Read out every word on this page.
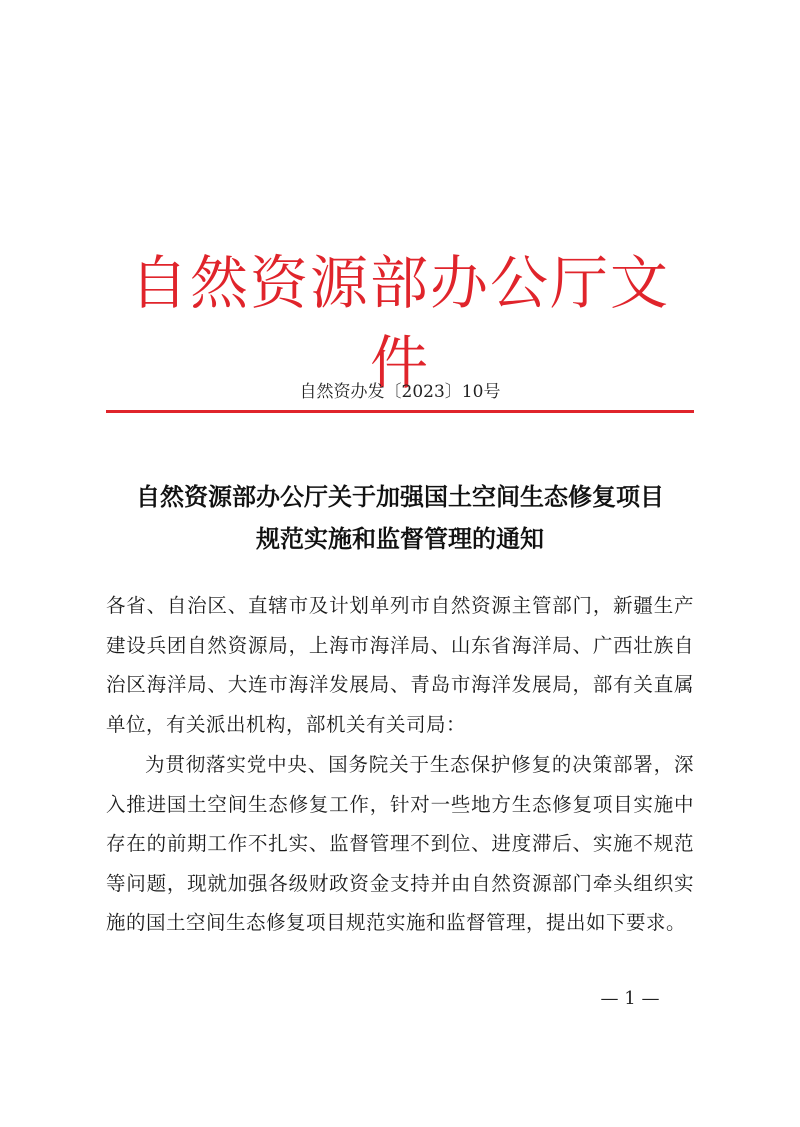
自然资源部办公厅文件
自然资办发〔2023〕10号
自然资源部办公厅关于加强国土空间生态修复项目
规范实施和监督管理的通知
各省、自治区、直辖市及计划单列市自然资源主管部门，新疆生产建设兵团自然资源局，上海市海洋局、山东省海洋局、广西壮族自治区海洋局、大连市海洋发展局、青岛市海洋发展局，部有关直属单位，有关派出机构，部机关有关司局：
为贯彻落实党中央、国务院关于生态保护修复的决策部署，深入推进国土空间生态修复工作，针对一些地方生态修复项目实施中存在的前期工作不扎实、监督管理不到位、进度滞后、实施不规范等问题，现就加强各级财政资金支持并由自然资源部门牵头组织实施的国土空间生态修复项目规范实施和监督管理，提出如下要求。
— 1 —
